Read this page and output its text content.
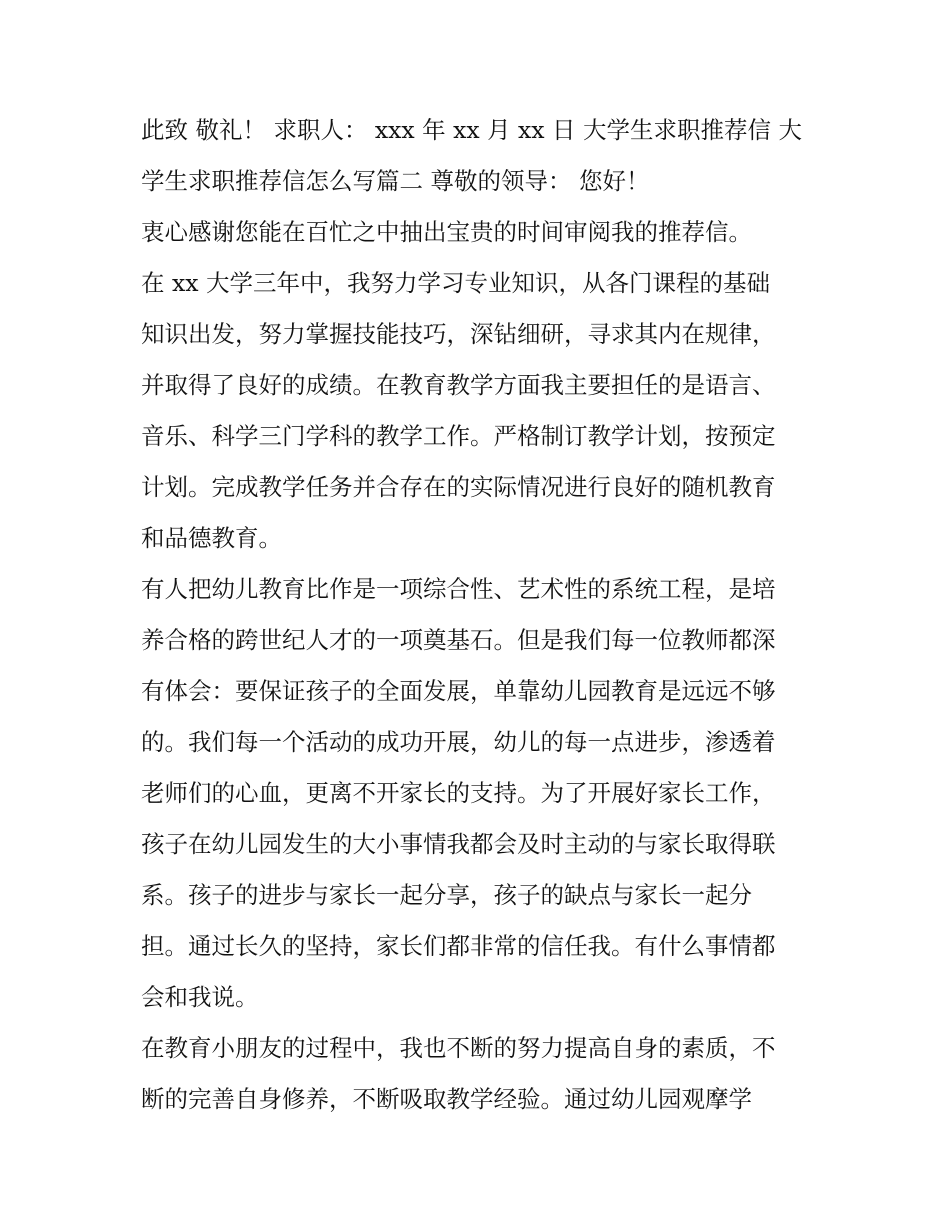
此致 敬礼！ 求职人： xxx 年 xx 月 xx 日 大学生求职推荐信 大
学生求职推荐信怎么写篇二 尊敬的领导： 您好！
衷心感谢您能在百忙之中抽出宝贵的时间审阅我的推荐信。
在 xx 大学三年中，我努力学习专业知识，从各门课程的基础
知识出发，努力掌握技能技巧，深钻细研，寻求其内在规律，
并取得了良好的成绩。在教育教学方面我主要担任的是语言、
音乐、科学三门学科的教学工作。严格制订教学计划，按预定
计划。完成教学任务并合存在的实际情况进行良好的随机教育
和品德教育。
有人把幼儿教育比作是一项综合性、艺术性的系统工程，是培
养合格的跨世纪人才的一项奠基石。但是我们每一位教师都深
有体会：要保证孩子的全面发展，单靠幼儿园教育是远远不够
的。我们每一个活动的成功开展，幼儿的每一点进步，渗透着
老师们的心血，更离不开家长的支持。为了开展好家长工作，
孩子在幼儿园发生的大小事情我都会及时主动的与家长取得联
系。孩子的进步与家长一起分享，孩子的缺点与家长一起分
担。通过长久的坚持，家长们都非常的信任我。有什么事情都
会和我说。
在教育小朋友的过程中，我也不断的努力提高自身的素质，不
断的完善自身修养，不断吸取教学经验。通过幼儿园观摩学
